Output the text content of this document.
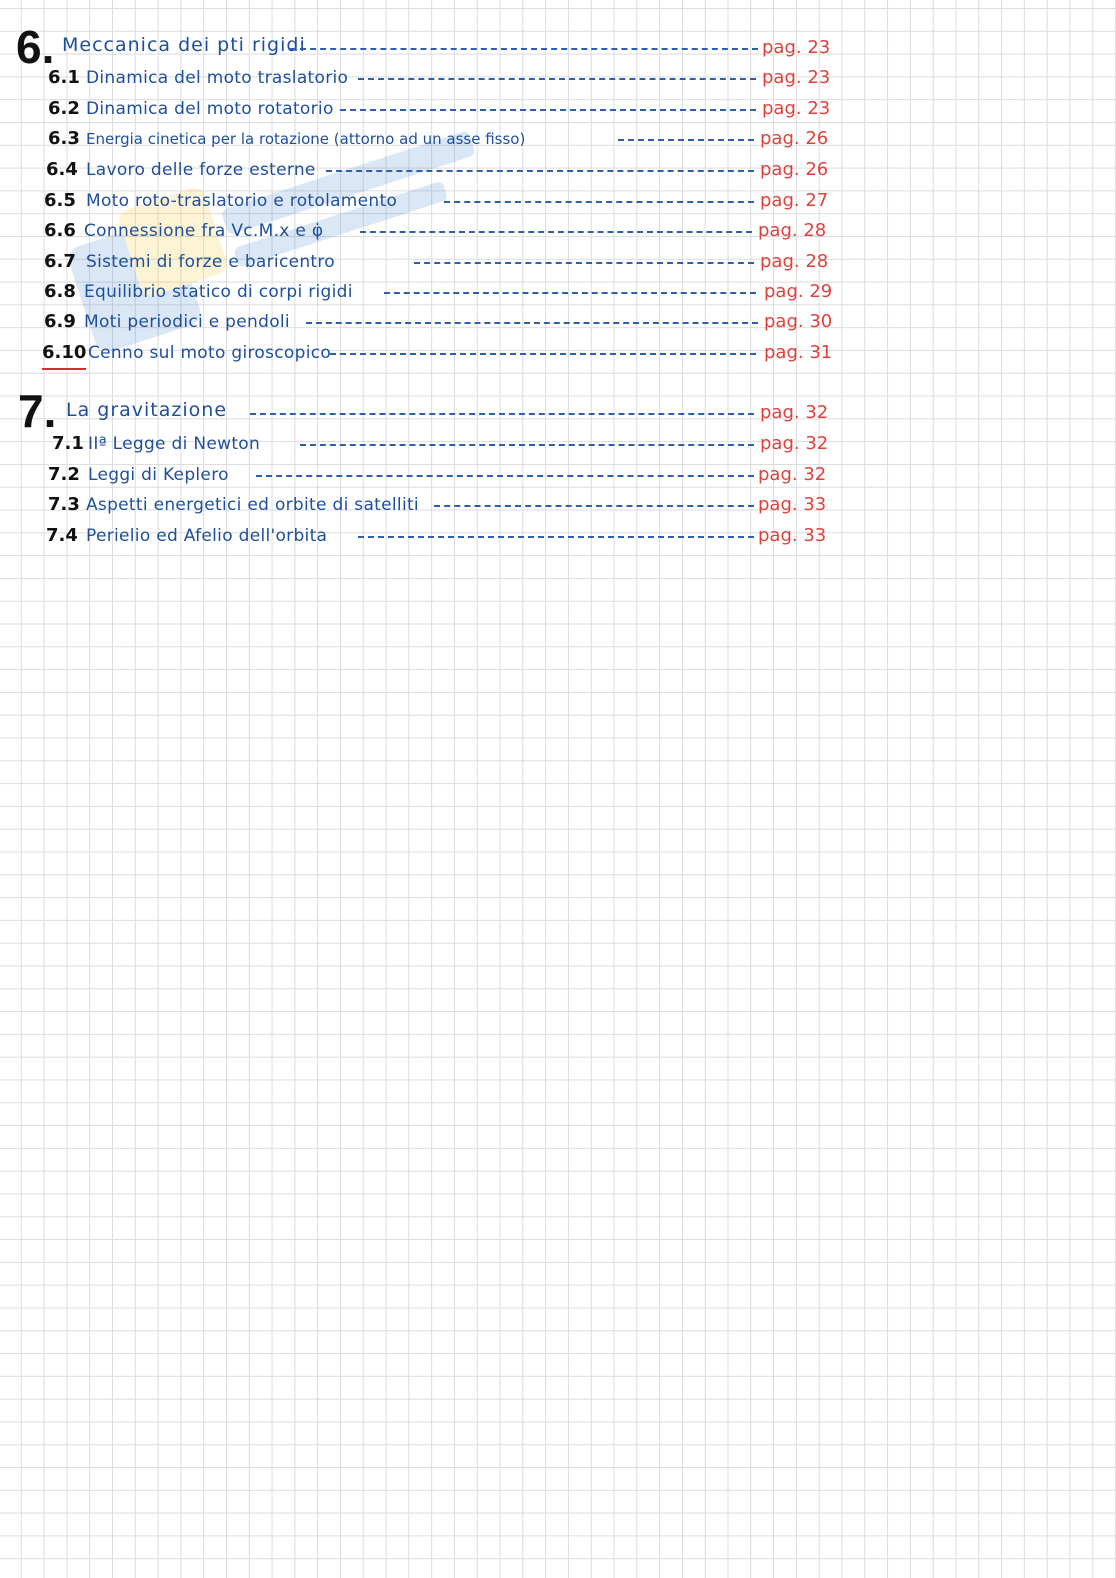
6. Meccanica dei pti rigidi	pag. 23
6.1 Dinamica del moto traslatorio	pag. 23
6.2 Dinamica del moto rotatorio	pag. 23
6.3 Energia cinetica per la rotazione (attorno ad un asse fisso)	pag. 26
6.4 Lavoro delle forze esterne	pag. 26
6.5 Moto roto-traslatorio e rotolamento	pag. 27
6.6 Connessione fra Vc.M.x e φ̇	pag. 28
6.7 Sistemi di forze e baricentro	pag. 28
6.8 Equilibrio statico di corpi rigidi	pag. 29
6.9 Moti periodici e pendoli	pag. 30
6.10 Cenno sul moto giroscopico	pag. 31
7. La gravitazione	pag. 32
7.1 IIª Legge di Newton	pag. 32
7.2 Leggi di Keplero	pag. 32
7.3 Aspetti energetici ed orbite di satelliti	pag. 33
7.4 Perielio ed Afelio dell'orbita	pag. 33
